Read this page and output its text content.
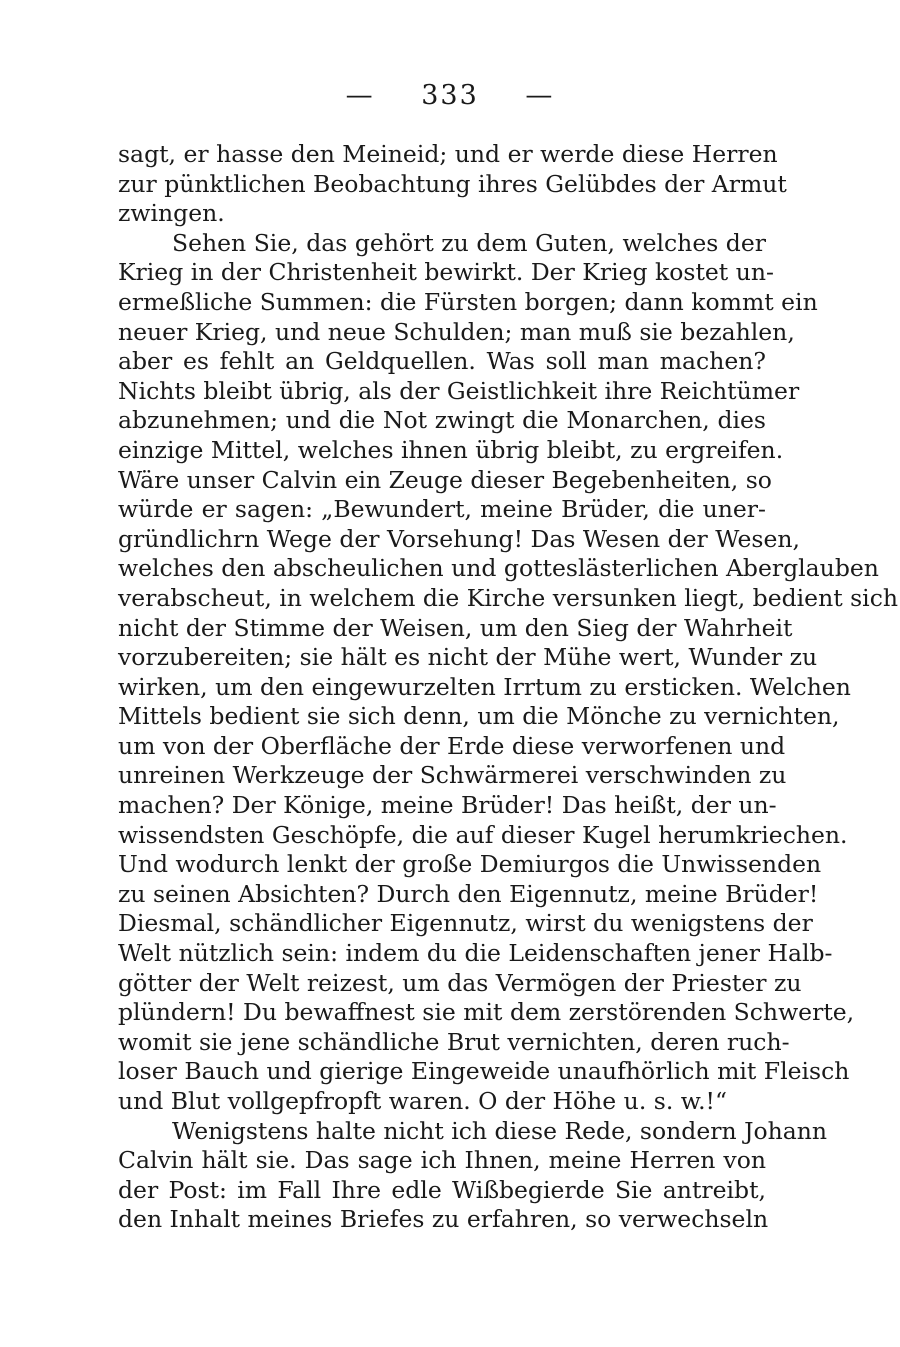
— 333 —
sagt, er hasse den Meineid; und er werde diese Herren
zur pünktlichen Beobachtung ihres Gelübdes der Armut
zwingen.
Sehen Sie, das gehört zu dem Guten, welches der
Krieg in der Christenheit bewirkt. Der Krieg kostet un-
ermeßliche Summen: die Fürsten borgen; dann kommt ein
neuer Krieg, und neue Schulden; man muß sie bezahlen,
aber es fehlt an Geldquellen. Was soll man machen?
Nichts bleibt übrig, als der Geistlichkeit ihre Reichtümer
abzunehmen; und die Not zwingt die Monarchen, dies
einzige Mittel, welches ihnen übrig bleibt, zu ergreifen.
Wäre unser Calvin ein Zeuge dieser Begebenheiten, so
würde er sagen: „Bewundert, meine Brüder, die uner-
gründlichrn Wege der Vorsehung! Das Wesen der Wesen,
welches den abscheulichen und gotteslästerlichen Aberglauben
verabscheut, in welchem die Kirche versunken liegt, bedient sich
nicht der Stimme der Weisen, um den Sieg der Wahrheit
vorzubereiten; sie hält es nicht der Mühe wert, Wunder zu
wirken, um den eingewurzelten Irrtum zu ersticken. Welchen
Mittels bedient sie sich denn, um die Mönche zu vernichten,
um von der Oberfläche der Erde diese verworfenen und
unreinen Werkzeuge der Schwärmerei verschwinden zu
machen? Der Könige, meine Brüder! Das heißt, der un-
wissendsten Geschöpfe, die auf dieser Kugel herumkriechen.
Und wodurch lenkt der große Demiurgos die Unwissenden
zu seinen Absichten? Durch den Eigennutz, meine Brüder!
Diesmal, schändlicher Eigennutz, wirst du wenigstens der
Welt nützlich sein: indem du die Leidenschaften jener Halb-
götter der Welt reizest, um das Vermögen der Priester zu
plündern! Du bewaffnest sie mit dem zerstörenden Schwerte,
womit sie jene schändliche Brut vernichten, deren ruch-
loser Bauch und gierige Eingeweide unaufhörlich mit Fleisch
und Blut vollgepfropft waren. O der Höhe u. s. w.!“
Wenigstens halte nicht ich diese Rede, sondern Johann
Calvin hält sie. Das sage ich Ihnen, meine Herren von
der Post: im Fall Ihre edle Wißbegierde Sie antreibt,
den Inhalt meines Briefes zu erfahren, so verwechseln
